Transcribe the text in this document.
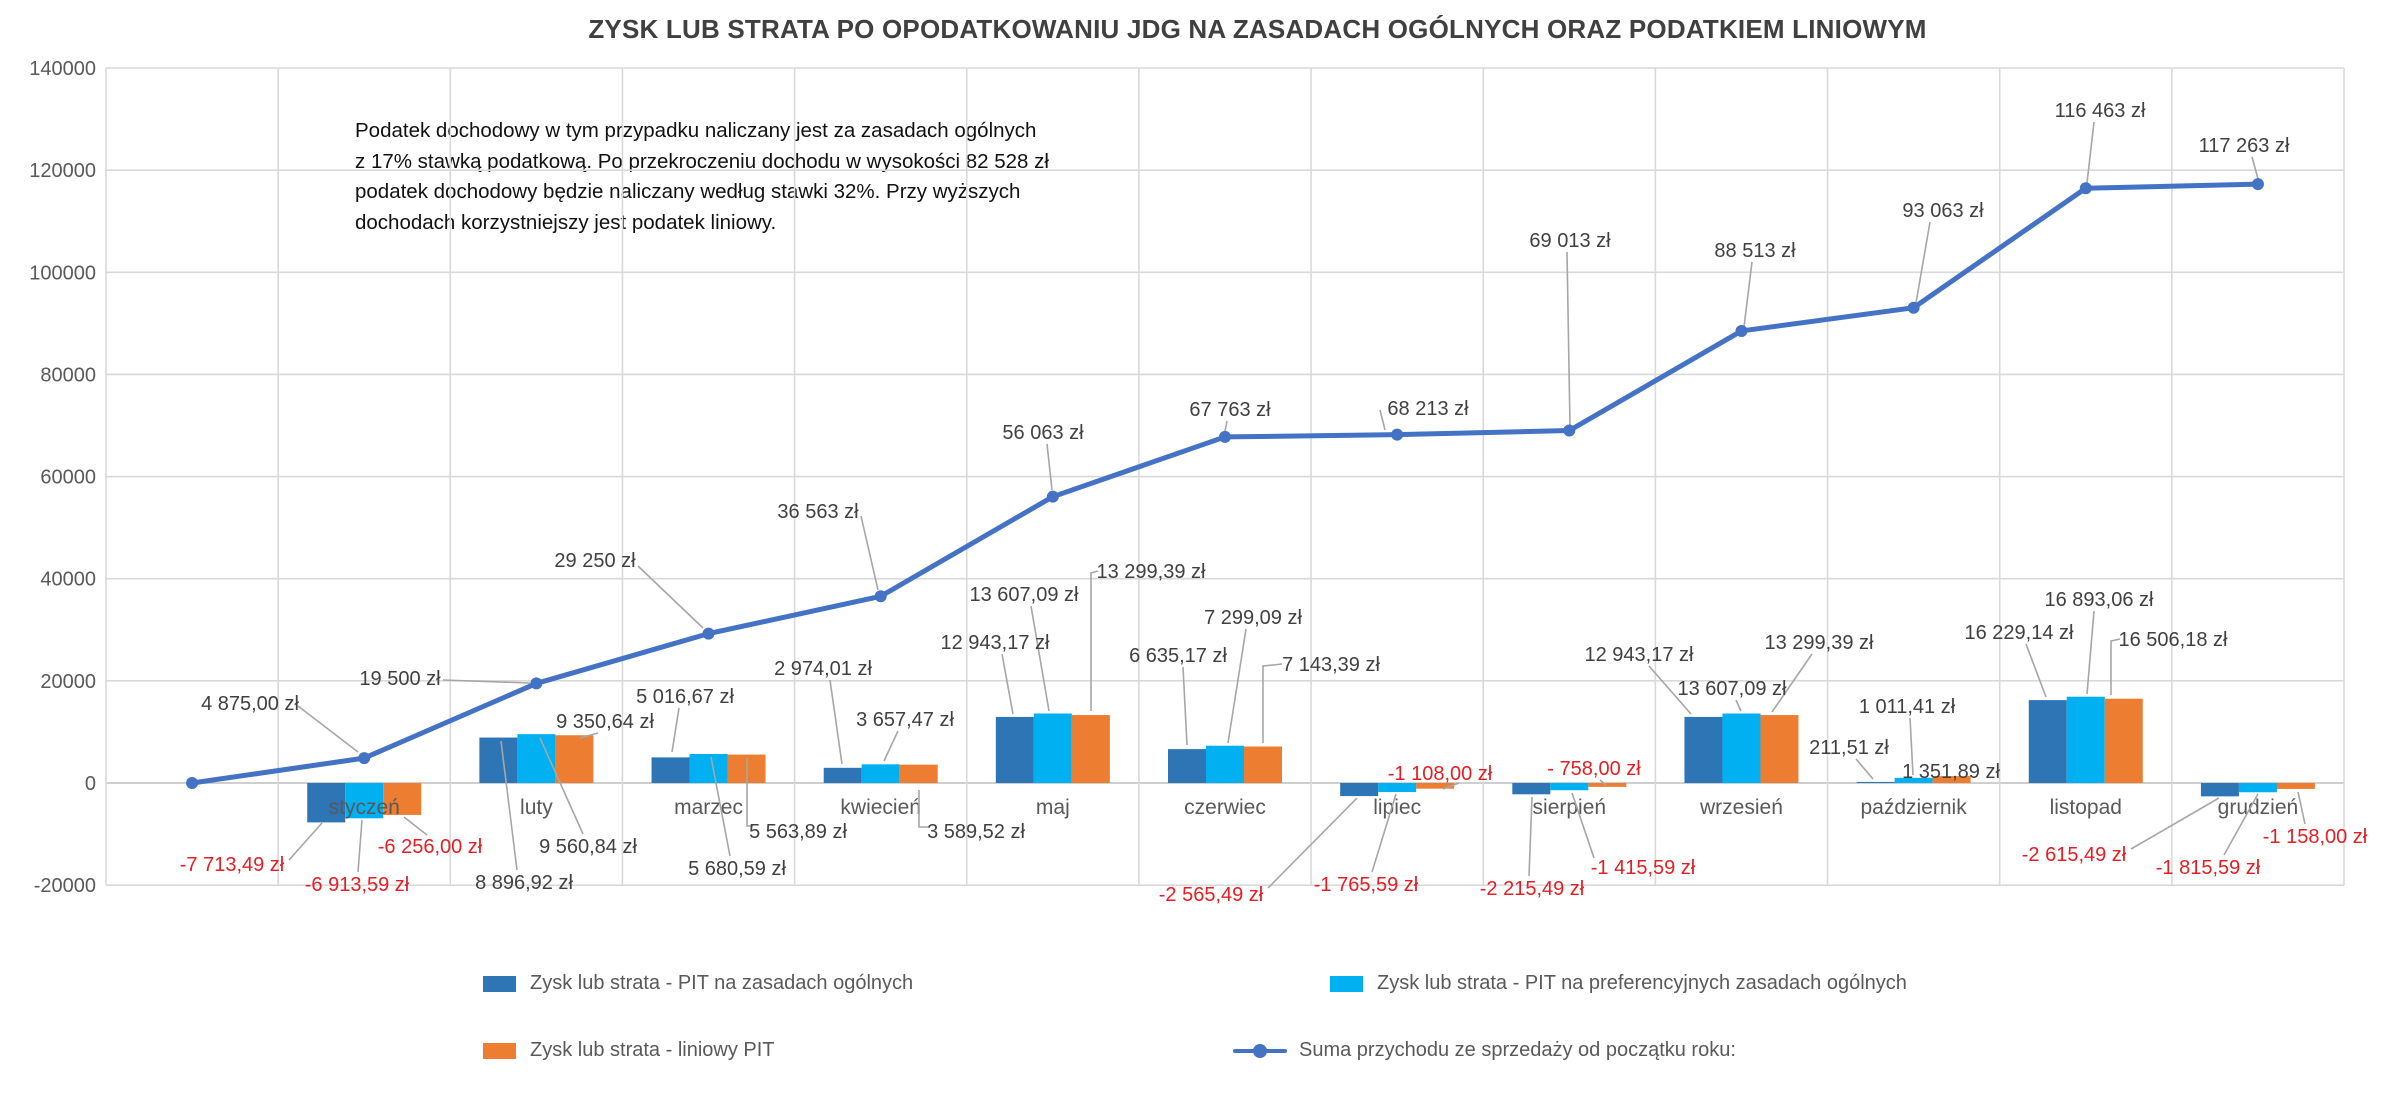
ZYSK LUB STRATA PO OPODATKOWANIU JDG NA ZASADACH OGÓLNYCH ORAZ PODATKIEM LINIOWYM
Podatek dochodowy w tym przypadku naliczany jest za zasadach ogólnych
z 17% stawką podatkową. Po przekroczeniu dochodu w wysokości 82 528 zł
podatek dochodowy będzie naliczany według stawki 32%. Przy wyższych
dochodach korzystniejszy jest podatek liniowy.
140000
120000
100000
80000
60000
40000
20000
0
-20000
styczeń	luty	marzec	kwiecień	maj	czerwiec	lipiec	sierpień	wrzesień	październik	listopad	grudzień
-7 713,49 zł
8 896,92 zł
5 016,67 zł
2 974,01 zł
12 943,17 zł
6 635,17 zł
-2 565,49 zł	-2 215,49 zł
12 943,17 zł
211,51 zł
16 229,14 zł
-2 615,49 zł
-6 913,59 zł
9 560,84 zł
5 680,59 zł
3 657,47 zł
13 607,09 zł
7 299,09 zł
-1 765,59 zł
-1 415,59 zł
13 607,09 zł
1 011,41 zł
16 893,06 zł
-1 815,59 zł
-6 256,00 zł
9 350,64 zł
5 563,89 zł	3 589,52 zł
13 299,39 zł
7 143,39 zł
-1 108,00 zł	- 758,00 zł
13 299,39 zł
1 351,89 zł
16 506,18 zł
-1 158,00 zł
4 875,00 zł
19 500 zł
29 250 zł
36 563 zł
56 063 zł
67 763 zł	68 213 zł
69 013 zł	88 513 zł
93 063 zł
116 463 zł
117 263 zł
Zysk lub strata - PIT na zasadach ogólnych	Zysk lub strata - PIT na preferencyjnych zasadach ogólnych
Zysk lub strata - liniowy PIT	Suma przychodu ze sprzedaży od początku roku:
